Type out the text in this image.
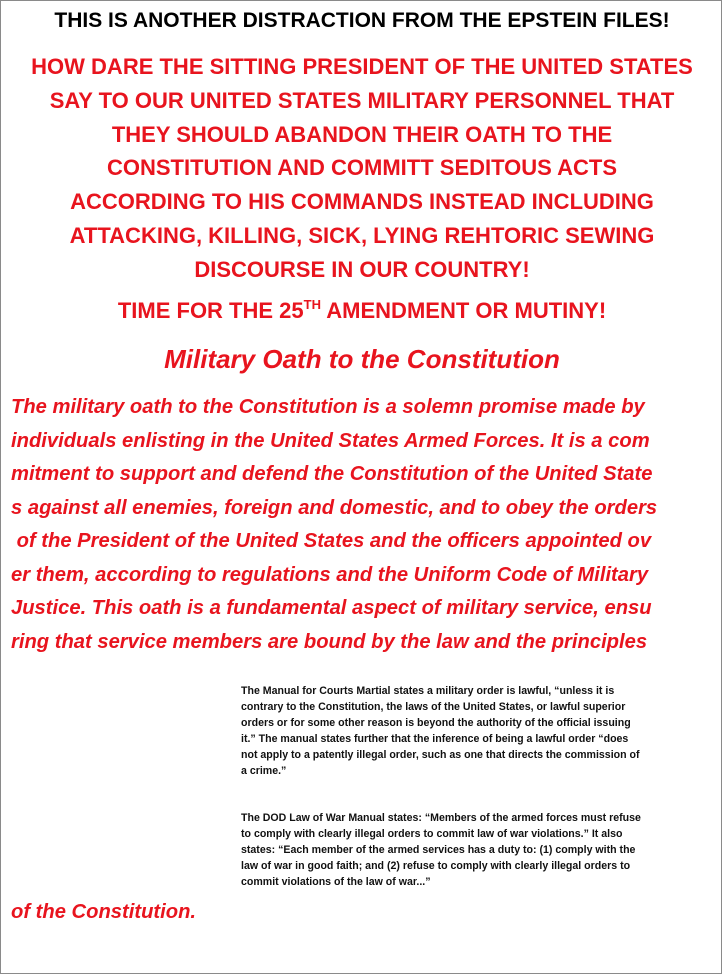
THIS IS ANOTHER DISTRACTION FROM THE EPSTEIN FILES!
HOW DARE THE SITTING PRESIDENT OF THE UNITED STATES
SAY TO OUR UNITED STATES MILITARY PERSONNEL THAT
THEY SHOULD ABANDON THEIR OATH TO THE
CONSTITUTION AND COMMITT SEDITOUS ACTS
ACCORDING TO HIS COMMANDS INSTEAD INCLUDING
ATTACKING, KILLING, SICK, LYING REHTORIC SEWING
DISCOURSE IN OUR COUNTRY!
TIME FOR THE 25TH AMENDMENT OR MUTINY!
Military Oath to the Constitution
The military oath to the Constitution is a solemn promise made by
individuals enlisting in the United States Armed Forces. It is a com
mitment to support and defend the Constitution of the United State
s against all enemies, foreign and domestic, and to obey the orders
of the President of the United States and the officers appointed ov
er them, according to regulations and the Uniform Code of Military
Justice. This oath is a fundamental aspect of military service, ensu
ring that service members are bound by the law and the principles
The Manual for Courts Martial states a military order is lawful, “unless it is
contrary to the Constitution, the laws of the United States, or lawful superior
orders or for some other reason is beyond the authority of the official issuing
it.” The manual states further that the inference of being a lawful order “does
not apply to a patently illegal order, such as one that directs the commission of
a crime.”
The DOD Law of War Manual states: “Members of the armed forces must refuse
to comply with clearly illegal orders to commit law of war violations.” It also
states: “Each member of the armed services has a duty to: (1) comply with the
law of war in good faith; and (2) refuse to comply with clearly illegal orders to
commit violations of the law of war...”
of the Constitution.
